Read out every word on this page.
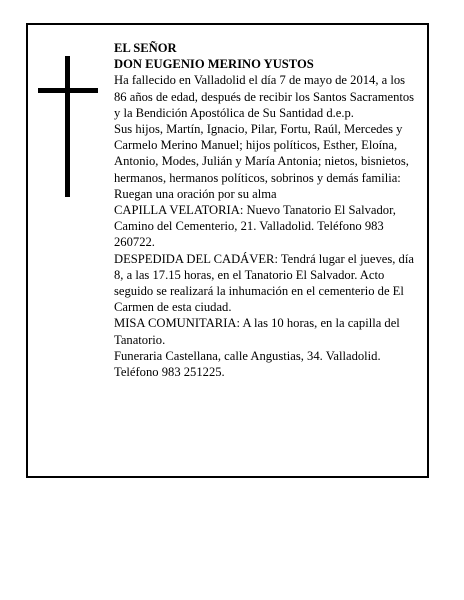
EL SEÑOR

DON EUGENIO MERINO YUSTOS

Ha fallecido en Valladolid el día 7 de mayo de 2014, a los 86 años de edad, después de recibir los Santos Sacramentos y la Bendición Apostólica de Su Santidad d.e.p.

Sus hijos, Martín, Ignacio, Pilar, Fortu, Raúl, Mercedes y Carmelo Merino Manuel; hijos políticos, Esther, Eloína, Antonio, Modes, Julián y María Antonia; nietos, bisnietos, hermanos, hermanos políticos, sobrinos y demás familia:

Ruegan una oración por su alma

CAPILLA VELATORIA: Nuevo Tanatorio El Salvador, Camino del Cementerio, 21. Valladolid. Teléfono 983 260722.

DESPEDIDA DEL CADÁVER: Tendrá lugar el jueves, día 8, a las 17.15 horas, en el Tanatorio El Salvador. Acto seguido se realizará la inhumación en el cementerio de El Carmen de esta ciudad.

MISA COMUNITARIA: A las 10 horas, en la capilla del Tanatorio.

Funeraria Castellana, calle Angustias, 34. Valladolid. Teléfono 983 251225.
